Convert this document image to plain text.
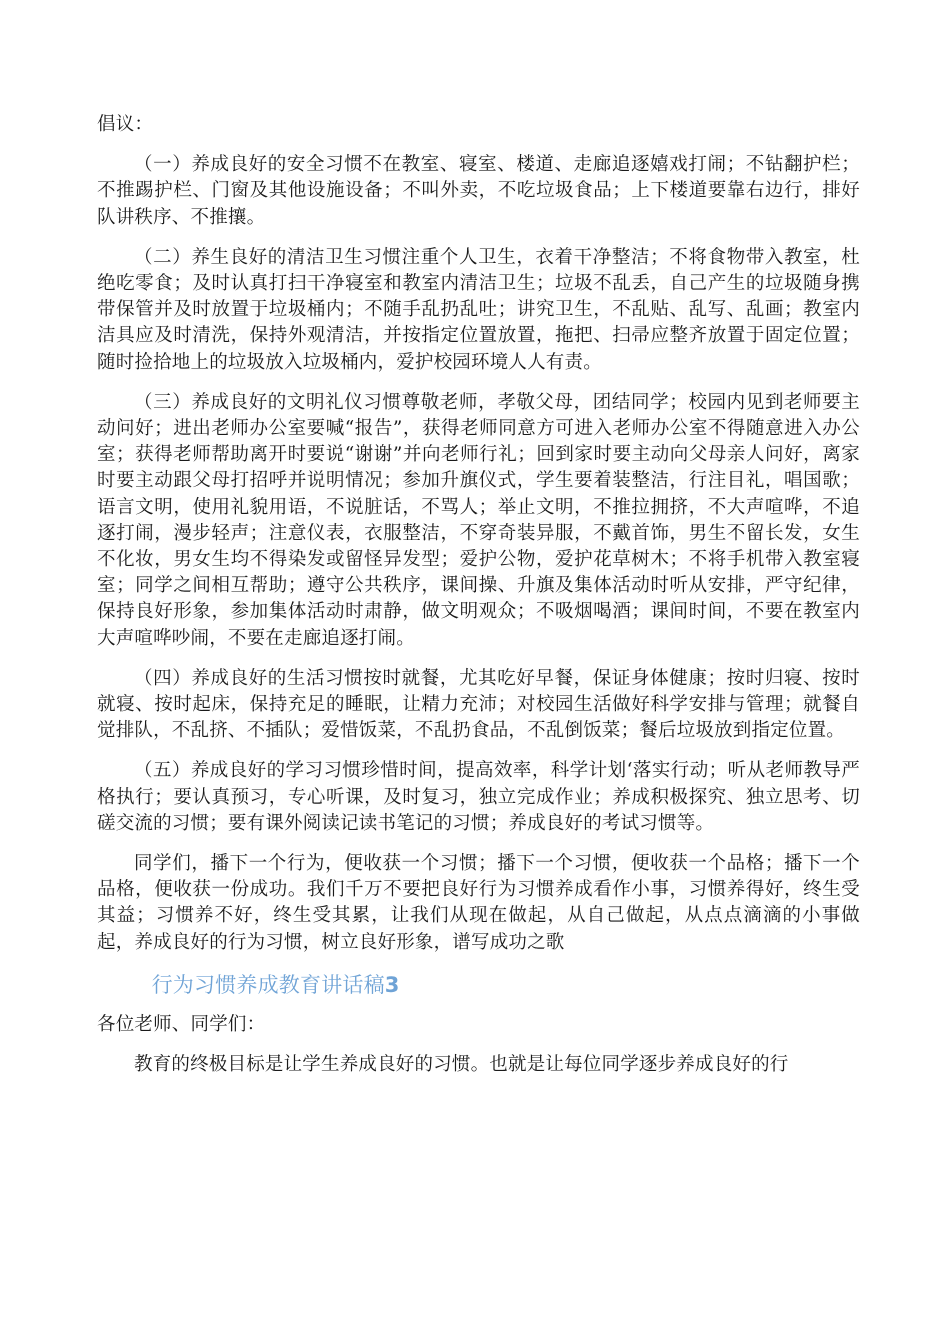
倡议：

（一）养成良好的安全习惯不在教室、寝室、楼道、走廊追逐嬉戏打闹；不钻翻护栏；不推踢护栏、门窗及其他设施设备；不叫外卖，不吃垃圾食品；上下楼道要靠右边行，排好队讲秩序、不推攘。

（二）养生良好的清洁卫生习惯注重个人卫生，衣着干净整洁；不将食物带入教室，杜绝吃零食；及时认真打扫干净寝室和教室内清洁卫生；垃圾不乱丢，自己产生的垃圾随身携带保管并及时放置于垃圾桶内；不随手乱扔乱吐；讲究卫生，不乱贴、乱写、乱画；教室内洁具应及时清洗，保持外观清洁，并按指定位置放置，拖把、扫帚应整齐放置于固定位置；随时捡拾地上的垃圾放入垃圾桶内，爱护校园环境人人有责。

（三）养成良好的文明礼仪习惯尊敬老师，孝敬父母，团结同学；校园内见到老师要主动问好；进出老师办公室要喊“报告”，获得老师同意方可进入老师办公室不得随意进入办公室；获得老师帮助离开时要说“谢谢”并向老师行礼；回到家时要主动向父母亲人问好，离家时要主动跟父母打招呼并说明情况；参加升旗仪式，学生要着装整洁，行注目礼，唱国歌；语言文明，使用礼貌用语，不说脏话，不骂人；举止文明，不推拉拥挤，不大声喧哗，不追逐打闹，漫步轻声；注意仪表，衣服整洁，不穿奇装异服，不戴首饰，男生不留长发，女生不化妆，男女生均不得染发或留怪异发型；爱护公物，爱护花草树木；不将手机带入教室寝室；同学之间相互帮助；遵守公共秩序，课间操、升旗及集体活动时听从安排，严守纪律，保持良好形象，参加集体活动时肃静，做文明观众；不吸烟喝酒；课间时间，不要在教室内大声喧哗吵闹，不要在走廊追逐打闹。

（四）养成良好的生活习惯按时就餐，尤其吃好早餐，保证身体健康；按时归寝、按时就寝、按时起床，保持充足的睡眠，让精力充沛；对校园生活做好科学安排与管理；就餐自觉排队，不乱挤、不插队；爱惜饭菜，不乱扔食品，不乱倒饭菜；餐后垃圾放到指定位置。

（五）养成良好的学习习惯珍惜时间，提高效率，科学计划‘落实行动；听从老师教导严格执行；要认真预习，专心听课，及时复习，独立完成作业；养成积极探究、独立思考、切磋交流的习惯；要有课外阅读记读书笔记的习惯；养成良好的考试习惯等。

同学们，播下一个行为，便收获一个习惯；播下一个习惯，便收获一个品格；播下一个品格，便收获一份成功。我们千万不要把良好行为习惯养成看作小事，习惯养得好，终生受其益；习惯养不好，终生受其累，让我们从现在做起，从自己做起，从点点滴滴的小事做起，养成良好的行为习惯，树立良好形象，谱写成功之歌

行为习惯养成教育讲话稿3

各位老师、同学们：

教育的终极目标是让学生养成良好的习惯。也就是让每位同学逐步养成良好的行
